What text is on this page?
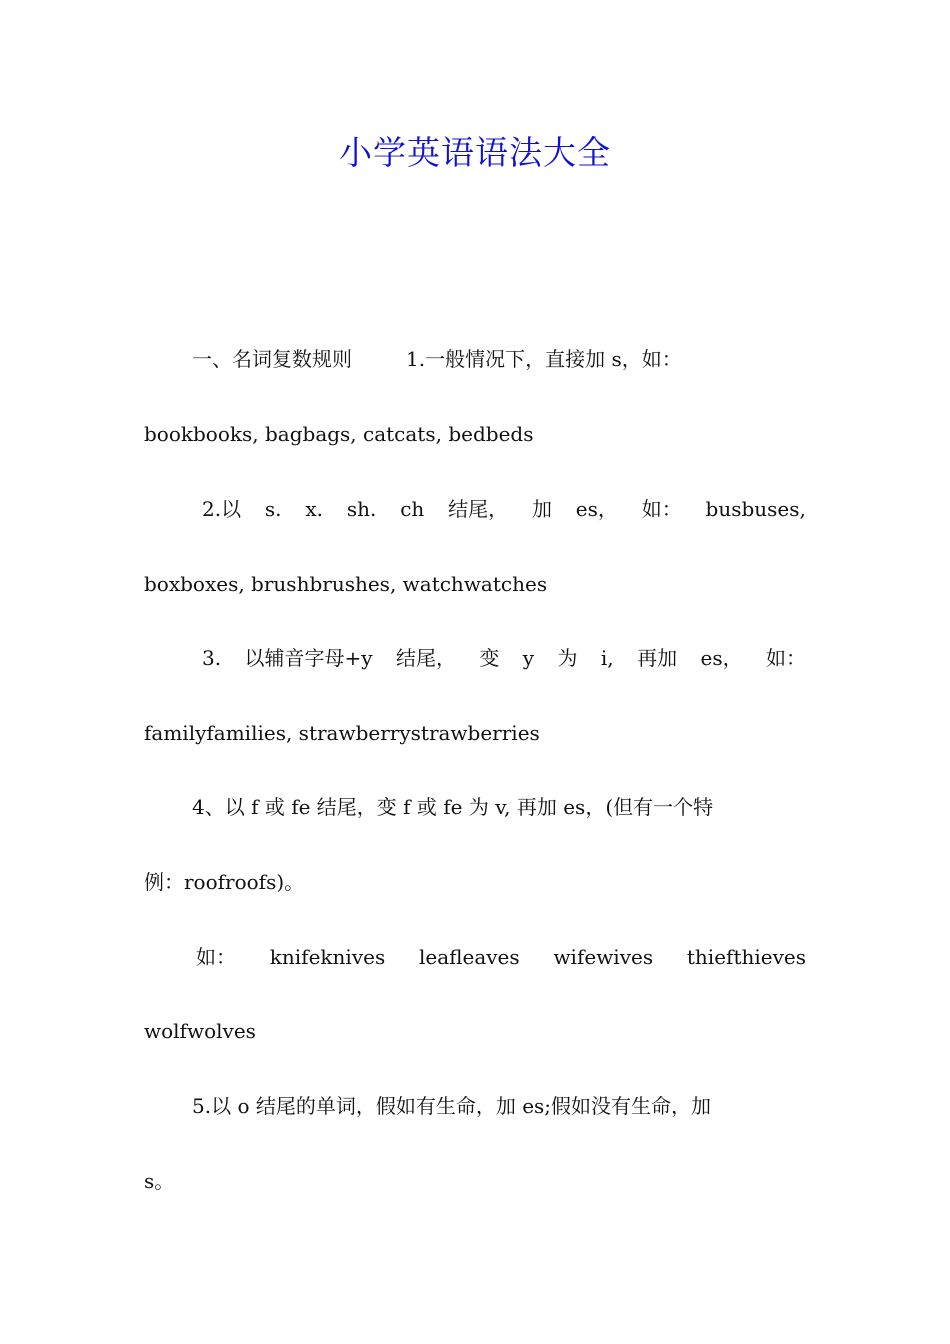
小学英语语法大全
一、名词复数规则	1.一般情况下，直接加 s，如：
bookbooks, bagbags, catcats, bedbeds
2.以 s. x. sh. ch 结尾， 加 es， 如： busbuses,
boxboxes, brushbrushes, watchwatches
3. 以辅音字母+y 结尾， 变 y 为 i, 再加 es， 如：
familyfamilies, strawberrystrawberries
4、以 f 或 fe 结尾，变 f 或 fe 为 v, 再加 es，(但有一个特
例：roofroofs)。
如： knifeknives leafleaves wifewives thiefthieves
wolfwolves
5.以 o 结尾的单词，假如有生命，加 es;假如没有生命，加
s。
